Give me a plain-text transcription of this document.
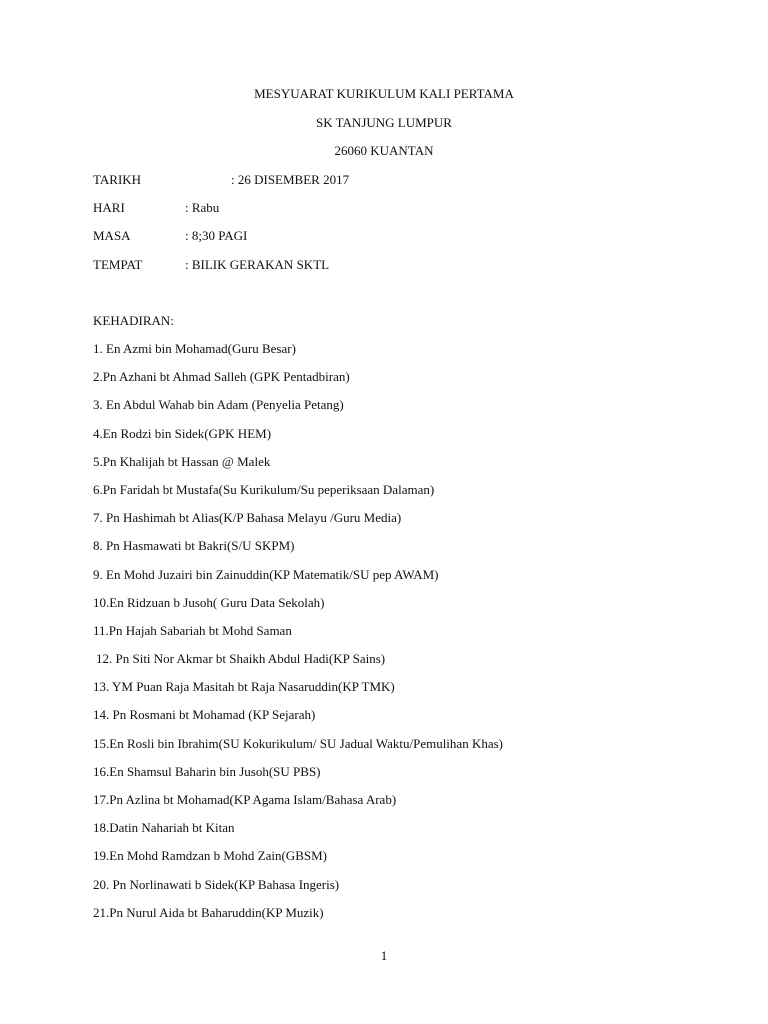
MESYUARAT KURIKULUM KALI PERTAMA
SK TANJUNG LUMPUR
26060 KUANTAN
TARIKH	: 26 DISEMBER 2017
HARI	: Rabu
MASA	: 8;30 PAGI
TEMPAT	: BILIK GERAKAN SKTL
KEHADIRAN:
1. En Azmi bin Mohamad(Guru Besar)
2.Pn Azhani bt Ahmad Salleh (GPK Pentadbiran)
3. En Abdul Wahab bin Adam (Penyelia Petang)
4.En Rodzi bin Sidek(GPK HEM)
5.Pn Khalijah bt Hassan @ Malek
6.Pn Faridah bt Mustafa(Su Kurikulum/Su peperiksaan Dalaman)
7. Pn Hashimah bt Alias(K/P Bahasa Melayu /Guru Media)
8. Pn Hasmawati bt Bakri(S/U SKPM)
9. En Mohd Juzairi bin Zainuddin(KP Matematik/SU pep AWAM)
10.En Ridzuan b Jusoh( Guru Data Sekolah)
11.Pn Hajah Sabariah bt Mohd Saman
12. Pn Siti Nor Akmar bt Shaikh Abdul Hadi(KP Sains)
13. YM Puan Raja Masitah bt Raja Nasaruddin(KP TMK)
14. Pn Rosmani bt Mohamad (KP Sejarah)
15.En Rosli bin Ibrahim(SU Kokurikulum/ SU Jadual Waktu/Pemulihan Khas)
16.En Shamsul Baharin bin Jusoh(SU PBS)
17.Pn Azlina bt Mohamad(KP Agama Islam/Bahasa Arab)
18.Datin Nahariah bt Kitan
19.En Mohd Ramdzan b Mohd Zain(GBSM)
20. Pn Norlinawati b Sidek(KP Bahasa Ingeris)
21.Pn Nurul Aida bt Baharuddin(KP Muzik)
1
